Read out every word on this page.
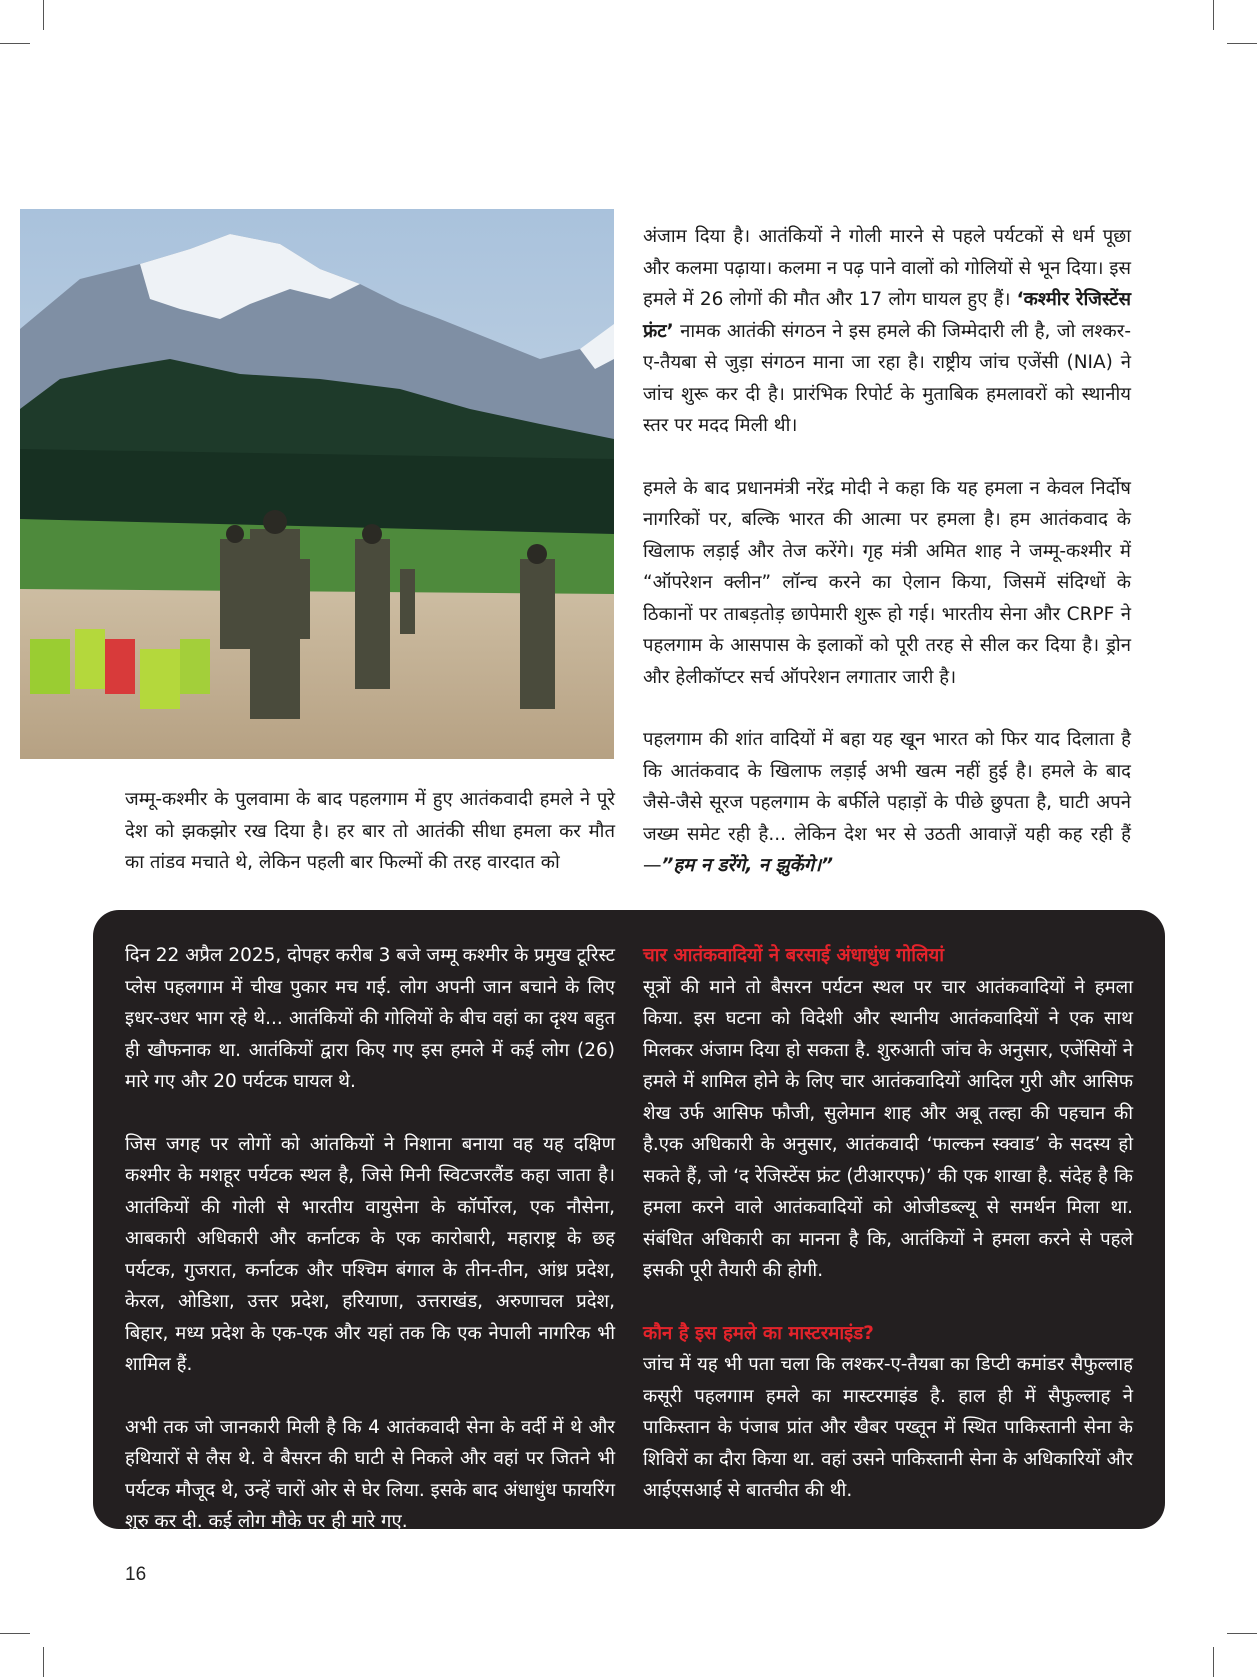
अंजाम दिया है। आतंकियों ने गोली मारने से पहले पर्यटकों से धर्म पूछा और कलमा पढ़ाया। कलमा न पढ़ पाने वालों को गोलियों से भून दिया। इस हमले में 26 लोगों की मौत और 17 लोग घायल हुए हैं। ‘कश्मीर रेजिस्टेंस फ्रंट’ नामक आतंकी संगठन ने इस हमले की जिम्मेदारी ली है, जो लश्कर-ए-तैयबा से जुड़ा संगठन माना जा रहा है। राष्ट्रीय जांच एजेंसी (NIA) ने जांच शुरू कर दी है। प्रारंभिक रिपोर्ट के मुताबिक हमलावरों को स्थानीय स्तर पर मदद मिली थी।

हमले के बाद प्रधानमंत्री नरेंद्र मोदी ने कहा कि यह हमला न केवल निर्दोष नागरिकों पर, बल्कि भारत की आत्मा पर हमला है। हम आतंकवाद के खिलाफ लड़ाई और तेज करेंगे। गृह मंत्री अमित शाह ने जम्मू-कश्मीर में “ऑपरेशन क्लीन” लॉन्च करने का ऐलान किया, जिसमें संदिग्धों के ठिकानों पर ताबड़तोड़ छापेमारी शुरू हो गई। भारतीय सेना और CRPF ने पहलगाम के आसपास के इलाकों को पूरी तरह से सील कर दिया है। ड्रोन और हेलीकॉप्टर सर्च ऑपरेशन लगातार जारी है।

पहलगाम की शांत वादियों में बहा यह खून भारत को फिर याद दिलाता है कि आतंकवाद के खिलाफ लड़ाई अभी खत्म नहीं हुई है। हमले के बाद जैसे-जैसे सूरज पहलगाम के बर्फीले पहाड़ों के पीछे छुपता है, घाटी अपने जख्म समेट रही है... लेकिन देश भर से उठती आवाज़ें यही कह रही हैं —”हम न डरेंगे, न झुकेंगे।”

जम्मू-कश्मीर के पुलवामा के बाद पहलगाम में हुए आतंकवादी हमले ने पूरे देश को झकझोर रख दिया है। हर बार तो आतंकी सीधा हमला कर मौत का तांडव मचाते थे, लेकिन पहली बार फिल्मों की तरह वारदात को

दिन 22 अप्रैल 2025, दोपहर करीब 3 बजे जम्मू कश्मीर के प्रमुख टूरिस्ट प्लेस पहलगाम में चीख पुकार मच गई. लोग अपनी जान बचाने के लिए इधर-उधर भाग रहे थे... आतंकियों की गोलियों के बीच वहां का दृश्य बहुत ही खौफनाक था. आतंकियों द्वारा किए गए इस हमले में कई लोग (26) मारे गए और 20 पर्यटक घायल थे.

जिस जगह पर लोगों को आंतकियों ने निशाना बनाया वह यह दक्षिण कश्मीर के मशहूर पर्यटक स्थल है, जिसे मिनी स्विटजरलैंड कहा जाता है। आतंकियों की गोली से भारतीय वायुसेना के कॉर्पोरल, एक नौसेना, आबकारी अधिकारी और कर्नाटक के एक कारोबारी, महाराष्ट्र के छह पर्यटक, गुजरात, कर्नाटक और पश्चिम बंगाल के तीन-तीन, आंध्र प्रदेश, केरल, ओडिशा, उत्तर प्रदेश, हरियाणा, उत्तराखंड, अरुणाचल प्रदेश, बिहार, मध्य प्रदेश के एक-एक और यहां तक कि एक नेपाली नागरिक भी शामिल हैं.

अभी तक जो जानकारी मिली है कि 4 आतंकवादी सेना के वर्दी में थे और हथियारों से लैस थे. वे बैसरन की घाटी से निकले और वहां पर जितने भी पर्यटक मौजूद थे, उन्हें चारों ओर से घेर लिया. इसके बाद अंधाधुंध फायरिंग शुरु कर दी. कई लोग मौके पर ही मारे गए.

चार आतंकवादियों ने बरसाई अंधाधुंध गोलियां
सूत्रों की माने तो बैसरन पर्यटन स्थल पर चार आतंकवादियों ने हमला किया. इस घटना को विदेशी और स्थानीय आतंकवादियों ने एक साथ मिलकर अंजाम दिया हो सकता है. शुरुआती जांच के अनुसार, एजेंसियों ने हमले में शामिल होने के लिए चार आतंकवादियों आदिल गुरी और आसिफ शेख उर्फ आसिफ फौजी, सुलेमान शाह और अबू तल्हा की पहचान की है.एक अधिकारी के अनुसार, आतंकवादी ‘फाल्कन स्क्वाड’ के सदस्य हो सकते हैं, जो ‘द रेजिस्टेंस फ्रंट (टीआरएफ)’ की एक शाखा है. संदेह है कि हमला करने वाले आतंकवादियों को ओजीडब्ल्यू से समर्थन मिला था. संबंधित अधिकारी का मानना है कि, आतंकियों ने हमला करने से पहले इसकी पूरी तैयारी की होगी.

कौन है इस हमले का मास्टरमाइंड?
जांच में यह भी पता चला कि लश्कर-ए-तैयबा का डिप्टी कमांडर सैफुल्लाह कसूरी पहलगाम हमले का मास्टरमाइंड है. हाल ही में सैफुल्लाह ने पाकिस्तान के पंजाब प्रांत और खैबर पख्तून में स्थित पाकिस्तानी सेना के शिविरों का दौरा किया था. वहां उसने पाकिस्तानी सेना के अधिकारियों और आईएसआई से बातचीत की थी.

16
